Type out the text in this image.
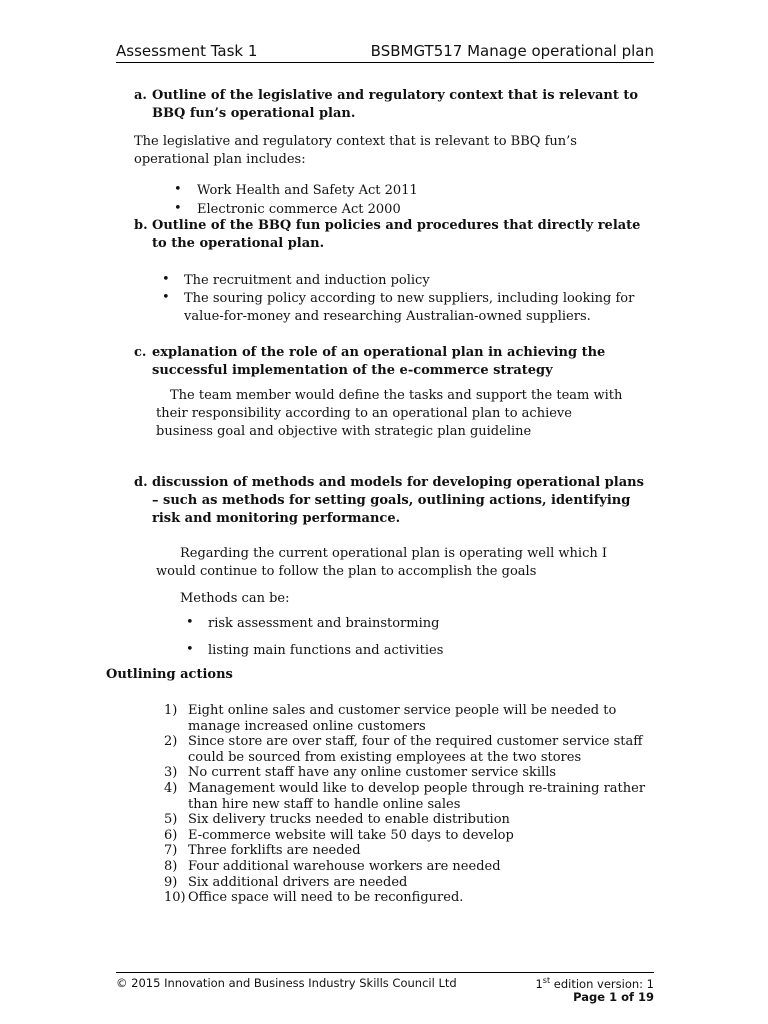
Assessment Task 1	BSBMGT517 Manage operational plan
a. Outline of the legislative and regulatory context that is relevant to BBQ fun’s operational plan.
The legislative and regulatory context that is relevant to BBQ fun’s operational plan includes:
• Work Health and Safety Act 2011
• Electronic commerce Act 2000
b. Outline of the BBQ fun policies and procedures that directly relate to the operational plan.
• The recruitment and induction policy
• The souring policy according to new suppliers, including looking for value-for-money and researching Australian-owned suppliers.
c. explanation of the role of an operational plan in achieving the successful implementation of the e-commerce strategy
The team member would define the tasks and support the team with their responsibility according to an operational plan to achieve business goal and objective with strategic plan guideline
d. discussion of methods and models for developing operational plans – such as methods for setting goals, outlining actions, identifying risk and monitoring performance.
Regarding the current operational plan is operating well which I would continue to follow the plan to accomplish the goals
Methods can be:
• risk assessment and brainstorming
• listing main functions and activities
Outlining actions
1) Eight online sales and customer service people will be needed to manage increased online customers
2) Since store are over staff, four of the required customer service staff could be sourced from existing employees at the two stores
3) No current staff have any online customer service skills
4) Management would like to develop people through re-training rather than hire new staff to handle online sales
5) Six delivery trucks needed to enable distribution
6) E-commerce website will take 50 days to develop
7) Three forklifts are needed
8) Four additional warehouse workers are needed
9) Six additional drivers are needed
10) Office space will need to be reconfigured.
© 2015 Innovation and Business Industry Skills Council Ltd	1st edition version: 1
Page 1 of 19
